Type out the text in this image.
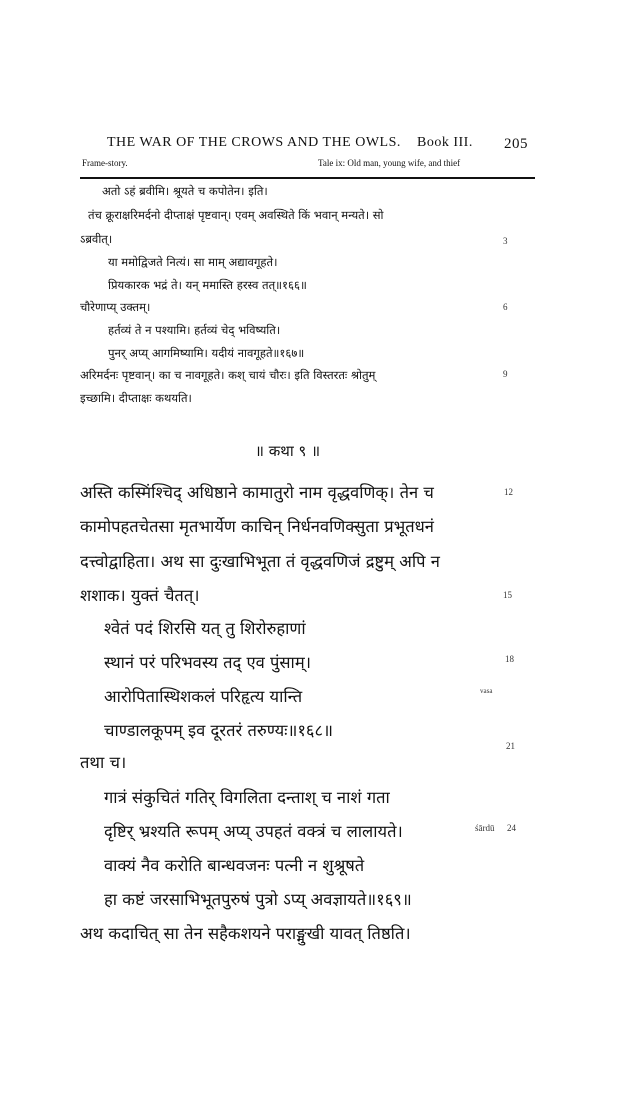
THE WAR OF THE CROWS AND THE OWLS. Book III. 205
Frame-story.	Tale ix: Old man, young wife, and thief
अतो ऽहं ब्रवीमि। श्रूयते च कपोतेन। इति।
तंच क्रूराक्षरिमर्दनो दीप्ताक्षं पृष्टवान्। एवम् अवस्थिते किं भवान् मन्यते। सो
ऽब्रवीत्।
या ममोद्विजते नित्यं। सा माम् अद्यावगूहते।
प्रियकारक भद्रं ते। यन् ममास्ति हरस्व तत्॥१६६॥
चौरेणाप्य् उक्तम्।
हर्तव्यं ते न पश्यामि। हर्तव्यं चेद् भविष्यति।
पुनर् अप्य् आगमिष्यामि। यदीयं नावगूहते॥१६७॥
अरिमर्दनः पृष्टवान्। का च नावगूहते। कश् चायं चौरः। इति विस्तरतः श्रोतुम्
इच्छामि। दीप्ताक्षः कथयति।
॥ कथा ९ ॥
अस्ति कस्मिंश्चिद् अधिष्ठाने कामातुरो नाम वृद्धवणिक्। तेन च
कामोपहतचेतसा मृतभार्येण काचिन् निर्धनवणिक्सुता प्रभूतधनं
दत्त्वोद्वाहिता। अथ सा दुःखाभिभूता तं वृद्धवणिजं द्रष्टुम् अपि न
शशाक। युक्तं चैतत्।
श्वेतं पदं शिरसि यत् तु शिरोरुहाणां
स्थानं परं परिभवस्य तद् एव पुंसाम्।
आरोपितास्थिशकलं परिहृत्य यान्ति
चाण्डालकूपम् इव दूरतरं तरुण्यः॥१६८॥
तथा च।
गात्रं संकुचितं गतिर् विगलिता दन्ताश् च नाशं गता
दृष्टिर् भ्रश्यति रूपम् अप्य् उपहतं वक्त्रं च लालायते।
वाक्यं नैव करोति बान्धवजनः पत्नी न शुश्रूषते
हा कष्टं जरसाभिभूतपुरुषं पुत्रो ऽप्य् अवज्ञायते॥१६९॥
अथ कदाचित् सा तेन सहैकशयने पराङ्मुखी यावत् तिष्ठति।
3
6
9
12
15
18
vasa
21
śārdū 24
